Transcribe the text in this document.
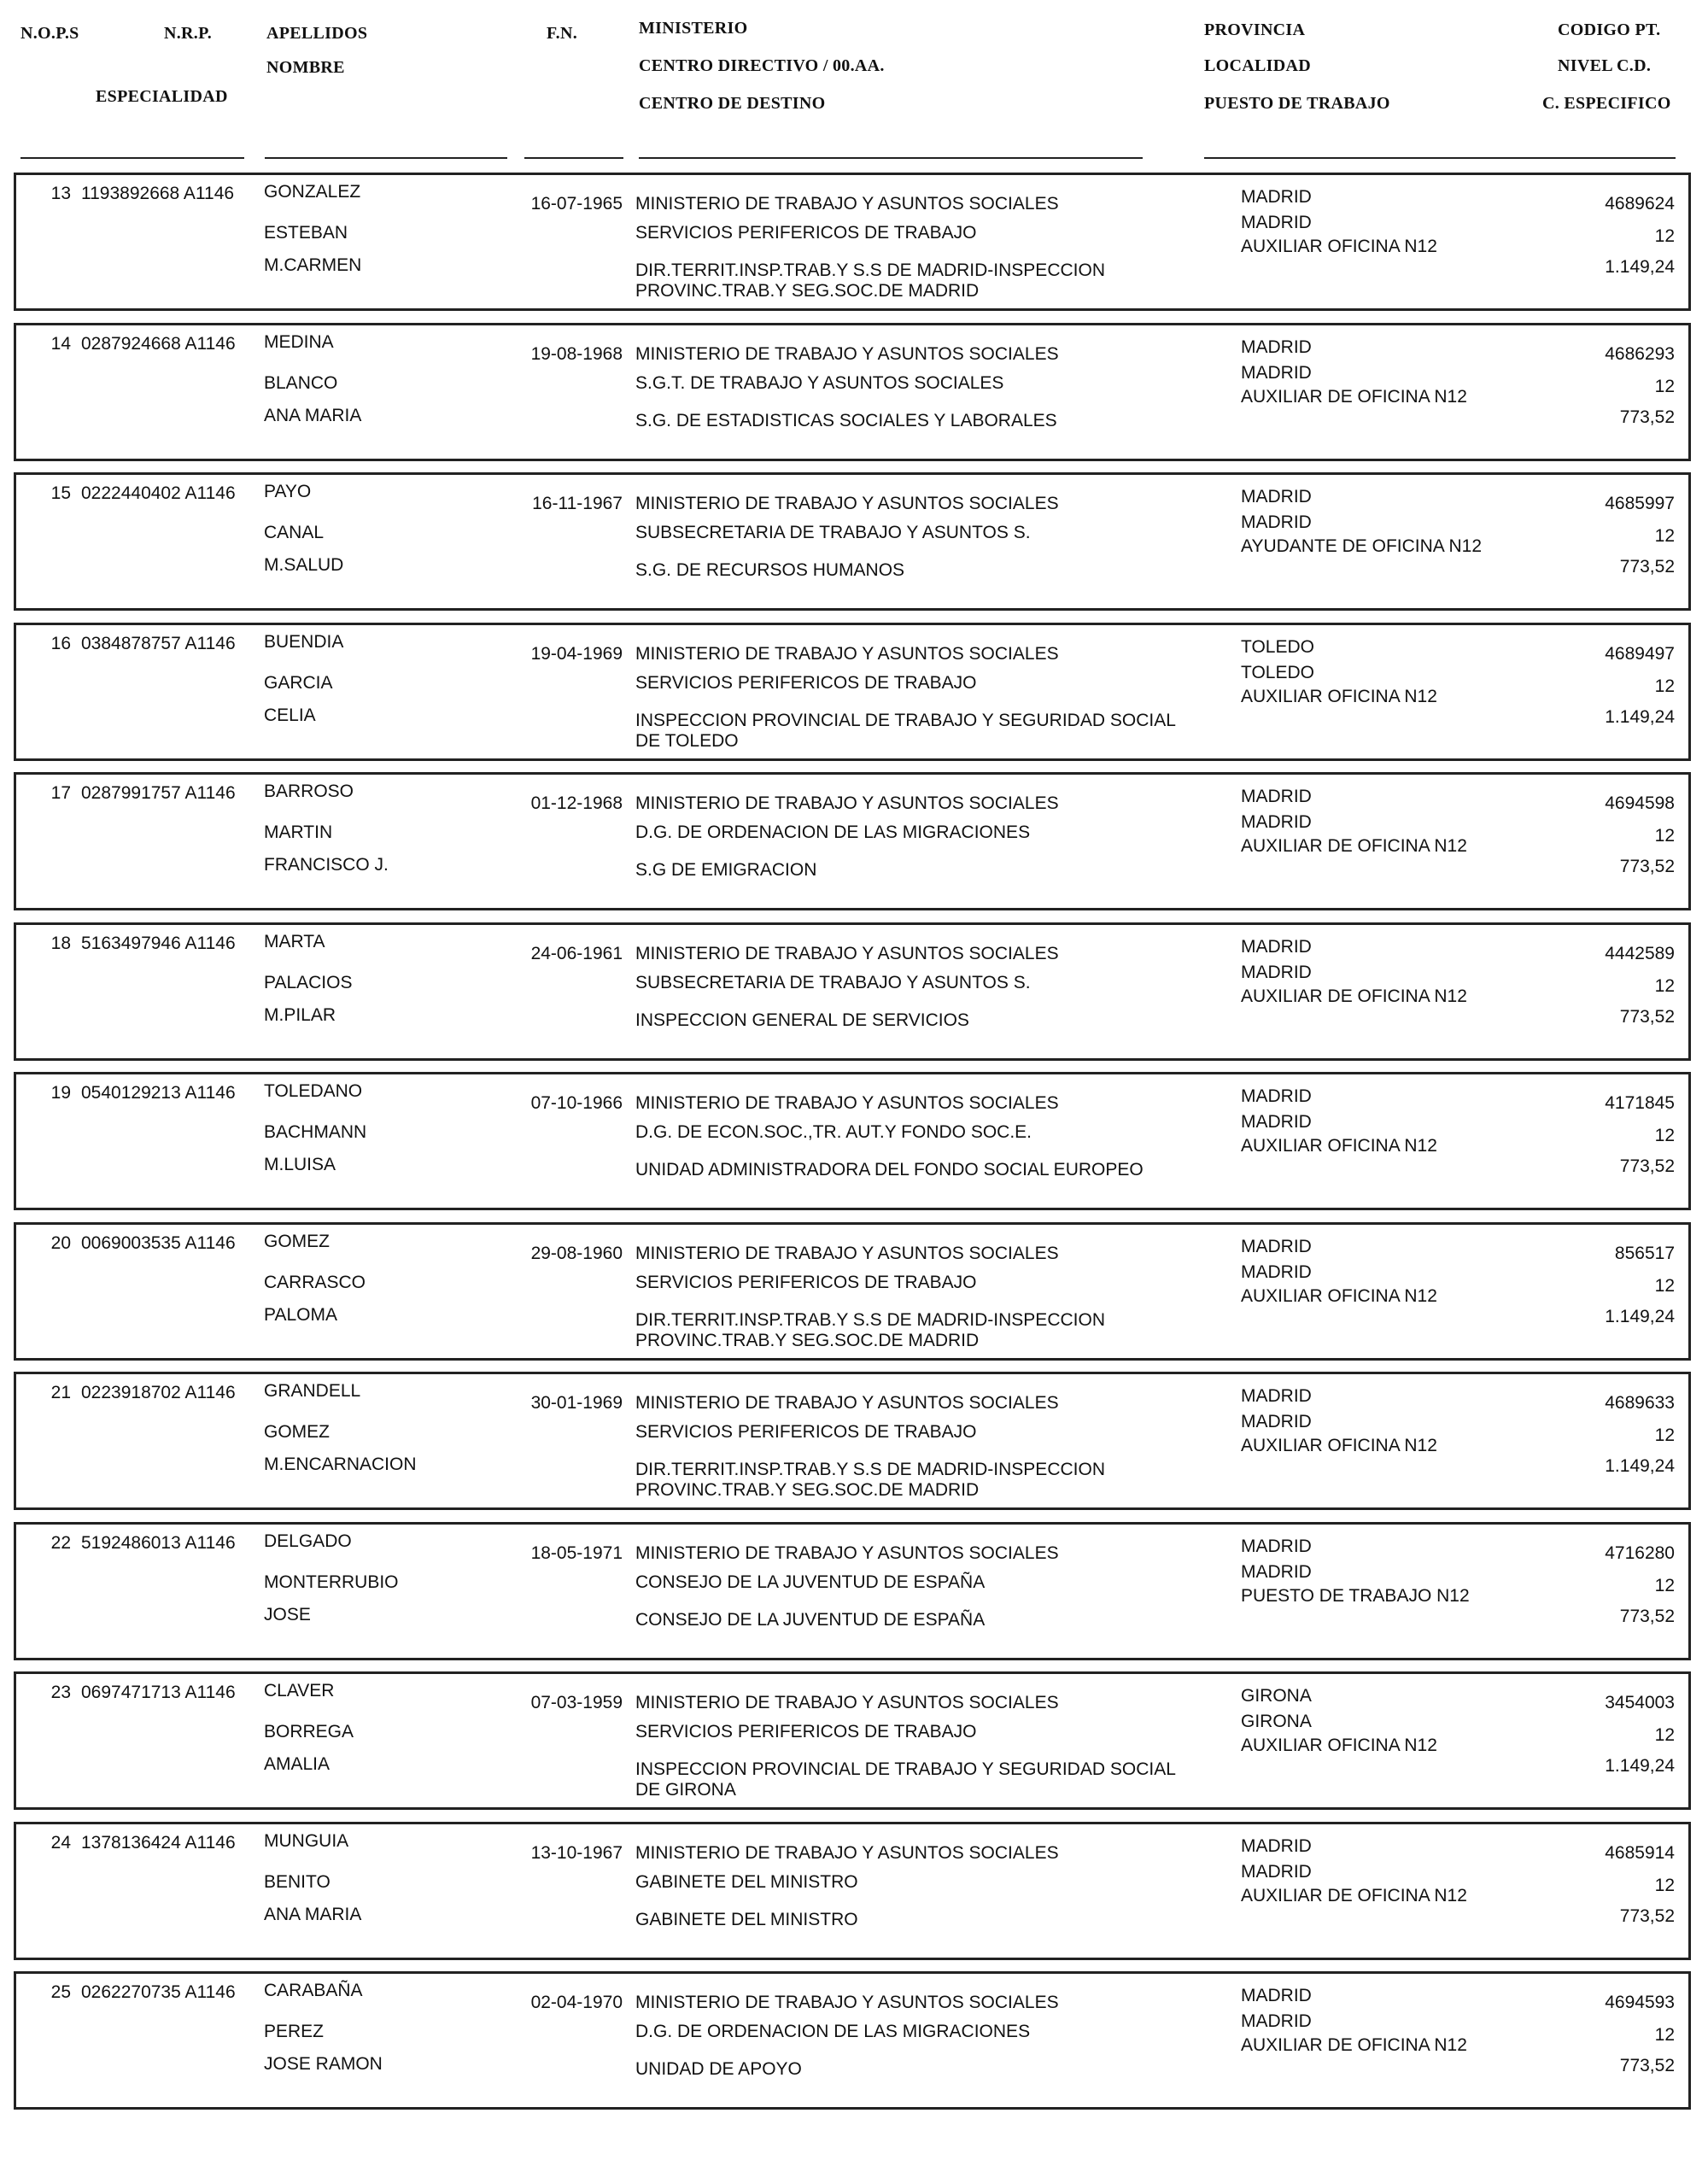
N.O.P.S	N.R.P.
ESPECIALIDAD
APELLIDOS
NOMBRE
F.N.	MINISTERIO
CENTRO DIRECTIVO / 00.AA.
CENTRO DE DESTINO
PROVINCIA
LOCALIDAD
PUESTO DE TRABAJO
CODIGO PT.
NIVEL C.D.
C. ESPECIFICO
13 1193892668 A1146 GONZALEZ
ESTEBAN
M.CARMEN
16-07-1965 MINISTERIO DE TRABAJO Y ASUNTOS SOCIALES
SERVICIOS PERIFERICOS DE TRABAJO
DIR.TERRIT.INSP.TRAB.Y S.S DE MADRID-INSPECCION
PROVINC.TRAB.Y SEG.SOC.DE MADRID
MADRID
MADRID
AUXILIAR OFICINA N12
4689624
12
1.149,24
14 0287924668 A1146 MEDINA
BLANCO
ANA MARIA
19-08-1968 MINISTERIO DE TRABAJO Y ASUNTOS SOCIALES
S.G.T. DE TRABAJO Y ASUNTOS SOCIALES
S.G. DE ESTADISTICAS SOCIALES Y LABORALES
MADRID
MADRID
AUXILIAR DE OFICINA N12
4686293
12
773,52
15 0222440402 A1146 PAYO
CANAL
M.SALUD
16-11-1967 MINISTERIO DE TRABAJO Y ASUNTOS SOCIALES
SUBSECRETARIA DE TRABAJO Y ASUNTOS S.
S.G. DE RECURSOS HUMANOS
MADRID
MADRID
AYUDANTE DE OFICINA N12
4685997
12
773,52
16 0384878757 A1146 BUENDIA
GARCIA
CELIA
19-04-1969 MINISTERIO DE TRABAJO Y ASUNTOS SOCIALES
SERVICIOS PERIFERICOS DE TRABAJO
INSPECCION PROVINCIAL DE TRABAJO Y SEGURIDAD SOCIAL
DE TOLEDO
TOLEDO
TOLEDO
AUXILIAR OFICINA N12
4689497
12
1.149,24
17 0287991757 A1146 BARROSO
MARTIN
FRANCISCO J.
01-12-1968 MINISTERIO DE TRABAJO Y ASUNTOS SOCIALES
D.G. DE ORDENACION DE LAS MIGRACIONES
S.G DE EMIGRACION
MADRID
MADRID
AUXILIAR DE OFICINA N12
4694598
12
773,52
18 5163497946 A1146 MARTA
PALACIOS
M.PILAR
24-06-1961 MINISTERIO DE TRABAJO Y ASUNTOS SOCIALES
SUBSECRETARIA DE TRABAJO Y ASUNTOS S.
INSPECCION GENERAL DE SERVICIOS
MADRID
MADRID
AUXILIAR DE OFICINA N12
4442589
12
773,52
19 0540129213 A1146 TOLEDANO
BACHMANN
M.LUISA
07-10-1966 MINISTERIO DE TRABAJO Y ASUNTOS SOCIALES
D.G. DE ECON.SOC.,TR. AUT.Y FONDO SOC.E.
UNIDAD ADMINISTRADORA DEL FONDO SOCIAL EUROPEO
MADRID
MADRID
AUXILIAR OFICINA N12
4171845
12
773,52
20 0069003535 A1146 GOMEZ
CARRASCO
PALOMA
29-08-1960 MINISTERIO DE TRABAJO Y ASUNTOS SOCIALES
SERVICIOS PERIFERICOS DE TRABAJO
DIR.TERRIT.INSP.TRAB.Y S.S DE MADRID-INSPECCION
PROVINC.TRAB.Y SEG.SOC.DE MADRID
MADRID
MADRID
AUXILIAR OFICINA N12
856517
12
1.149,24
21 0223918702 A1146 GRANDELL
GOMEZ
M.ENCARNACION
30-01-1969 MINISTERIO DE TRABAJO Y ASUNTOS SOCIALES
SERVICIOS PERIFERICOS DE TRABAJO
DIR.TERRIT.INSP.TRAB.Y S.S DE MADRID-INSPECCION
PROVINC.TRAB.Y SEG.SOC.DE MADRID
MADRID
MADRID
AUXILIAR OFICINA N12
4689633
12
1.149,24
22 5192486013 A1146 DELGADO
MONTERRUBIO
JOSE
18-05-1971 MINISTERIO DE TRABAJO Y ASUNTOS SOCIALES
CONSEJO DE LA JUVENTUD DE ESPAÑA
CONSEJO DE LA JUVENTUD DE ESPAÑA
MADRID
MADRID
PUESTO DE TRABAJO N12
4716280
12
773,52
23 0697471713 A1146 CLAVER
BORREGA
AMALIA
07-03-1959 MINISTERIO DE TRABAJO Y ASUNTOS SOCIALES
SERVICIOS PERIFERICOS DE TRABAJO
INSPECCION PROVINCIAL DE TRABAJO Y SEGURIDAD SOCIAL
DE GIRONA
GIRONA
GIRONA
AUXILIAR OFICINA N12
3454003
12
1.149,24
24 1378136424 A1146 MUNGUIA
BENITO
ANA MARIA
13-10-1967 MINISTERIO DE TRABAJO Y ASUNTOS SOCIALES
GABINETE DEL MINISTRO
GABINETE DEL MINISTRO
MADRID
MADRID
AUXILIAR DE OFICINA N12
4685914
12
773,52
25 0262270735 A1146 CARABAÑA
PEREZ
JOSE RAMON
02-04-1970 MINISTERIO DE TRABAJO Y ASUNTOS SOCIALES
D.G. DE ORDENACION DE LAS MIGRACIONES
UNIDAD DE APOYO
MADRID
MADRID
AUXILIAR DE OFICINA N12
4694593
12
773,52
